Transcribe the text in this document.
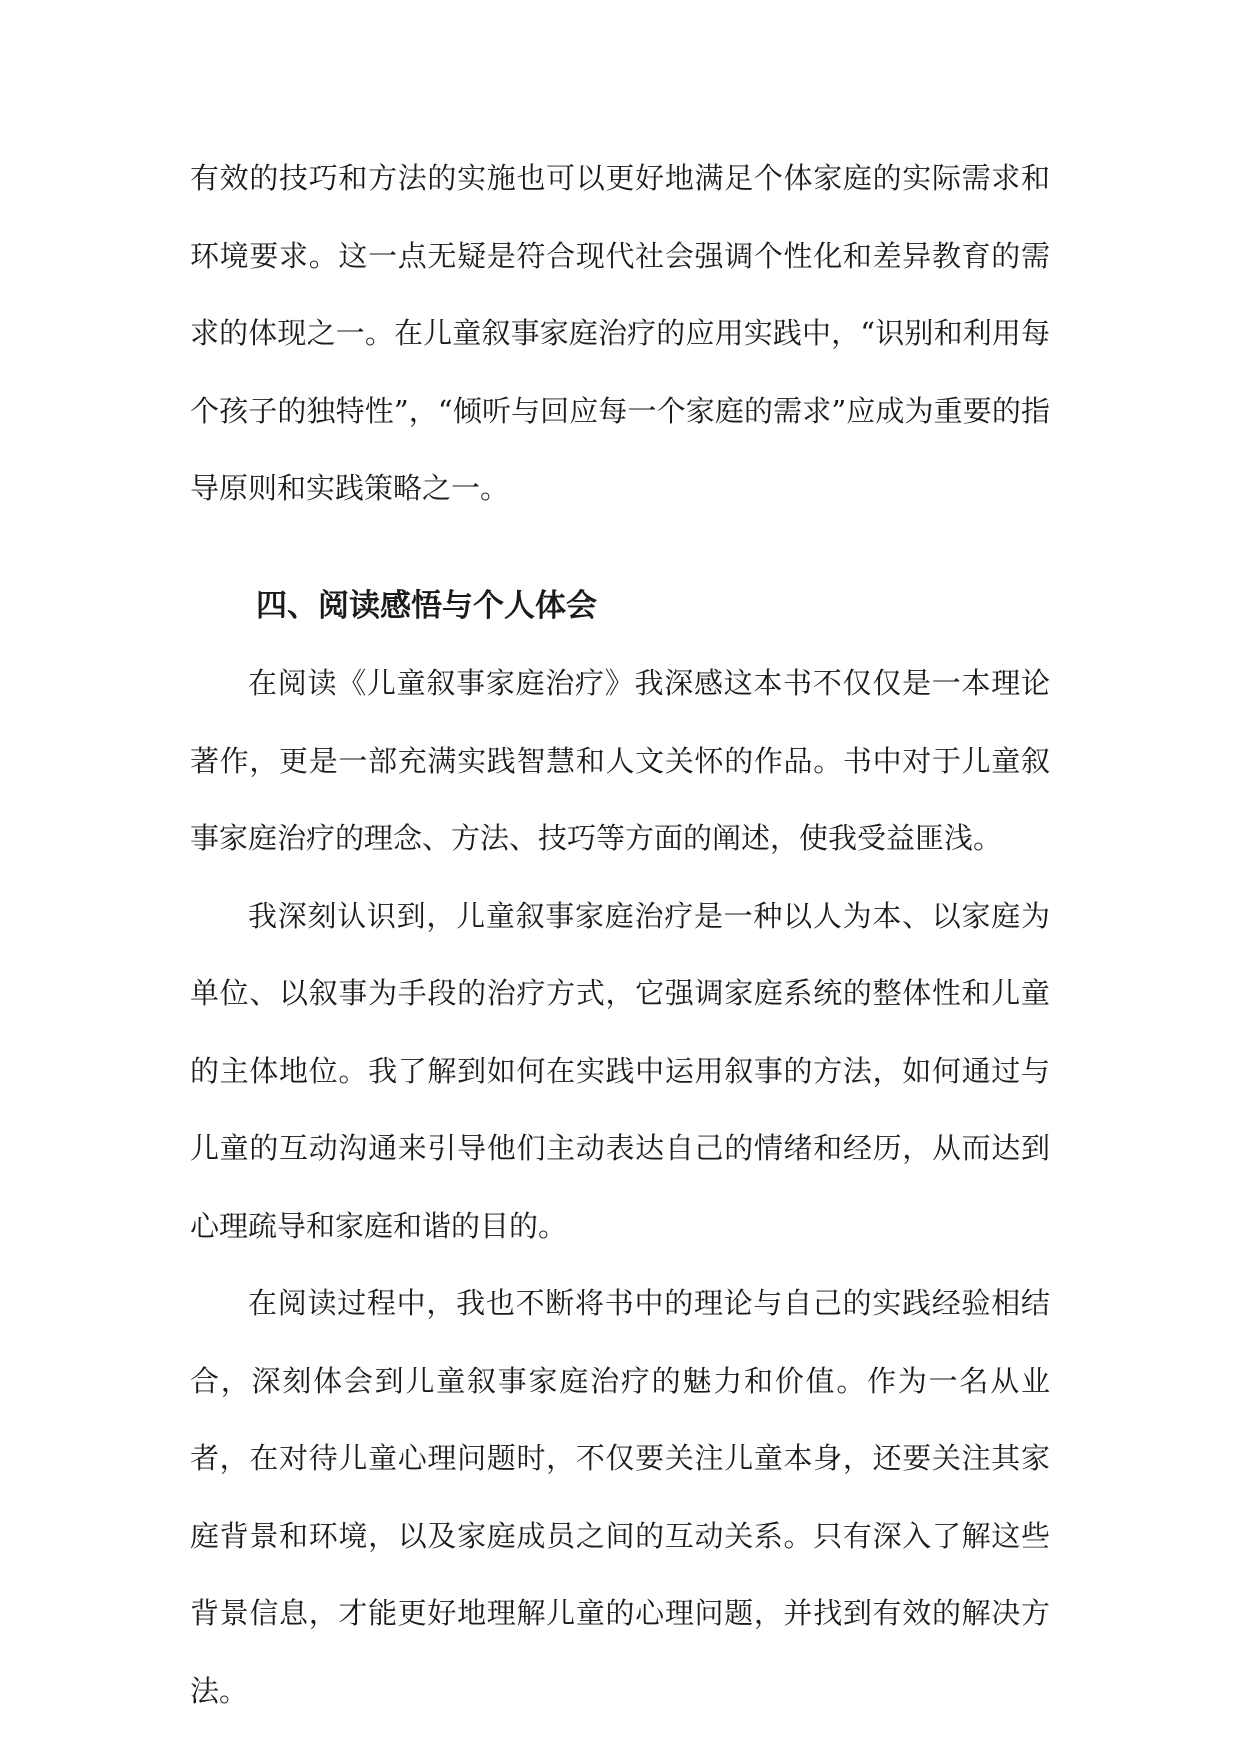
有效的技巧和方法的实施也可以更好地满足个体家庭的实际需求和环境要求。这一点无疑是符合现代社会强调个性化和差异教育的需求的体现之一。在儿童叙事家庭治疗的应用实践中，“识别和利用每个孩子的独特性”，“倾听与回应每一个家庭的需求”应成为重要的指导原则和实践策略之一。

四、阅读感悟与个人体会

在阅读《儿童叙事家庭治疗》我深感这本书不仅仅是一本理论著作，更是一部充满实践智慧和人文关怀的作品。书中对于儿童叙事家庭治疗的理念、方法、技巧等方面的阐述，使我受益匪浅。

我深刻认识到，儿童叙事家庭治疗是一种以人为本、以家庭为单位、以叙事为手段的治疗方式，它强调家庭系统的整体性和儿童的主体地位。我了解到如何在实践中运用叙事的方法，如何通过与儿童的互动沟通来引导他们主动表达自己的情绪和经历，从而达到心理疏导和家庭和谐的目的。

在阅读过程中，我也不断将书中的理论与自己的实践经验相结合，深刻体会到儿童叙事家庭治疗的魅力和价值。作为一名从业者，在对待儿童心理问题时，不仅要关注儿童本身，还要关注其家庭背景和环境，以及家庭成员之间的互动关系。只有深入了解这些背景信息，才能更好地理解儿童的心理问题，并找到有效的解决方法。
